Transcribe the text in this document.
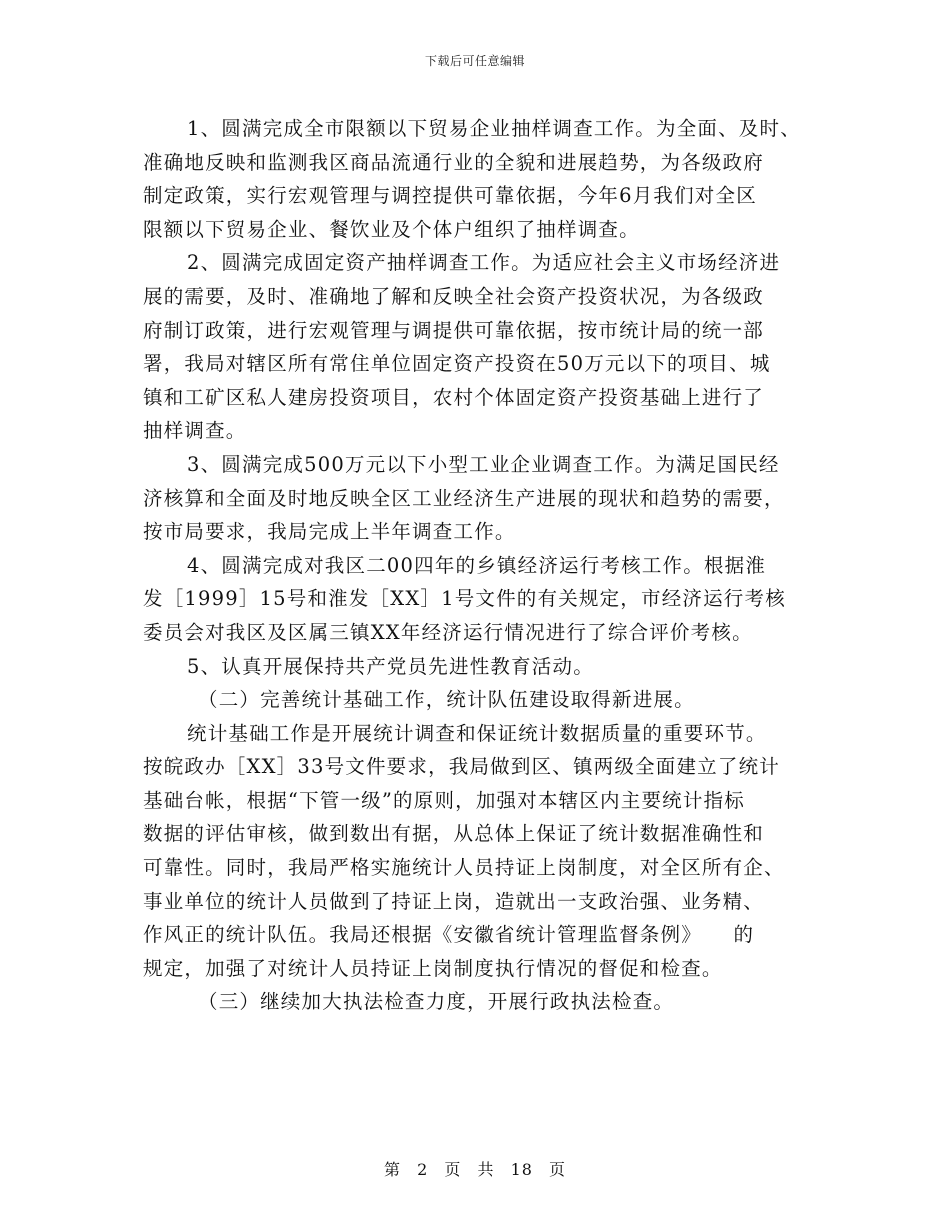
下载后可任意编辑
1、圆满完成全市限额以下贸易企业抽样调查工作。为全面、及时、
准确地反映和监测我区商品流通行业的全貌和进展趋势，为各级政府
制定政策，实行宏观管理与调控提供可靠依据，今年6月我们对全区
限额以下贸易企业、餐饮业及个体户组织了抽样调查。
2、圆满完成固定资产抽样调查工作。为适应社会主义市场经济进
展的需要，及时、准确地了解和反映全社会资产投资状况，为各级政
府制订政策，进行宏观管理与调提供可靠依据，按市统计局的统一部
署，我局对辖区所有常住单位固定资产投资在50万元以下的项目、城
镇和工矿区私人建房投资项目，农村个体固定资产投资基础上进行了
抽样调查。
3、圆满完成500万元以下小型工业企业调查工作。为满足国民经
济核算和全面及时地反映全区工业经济生产进展的现状和趋势的需要，
按市局要求，我局完成上半年调查工作。
4、圆满完成对我区二00四年的乡镇经济运行考核工作。根据淮
发［1999］15号和淮发［XX］1号文件的有关规定，市经济运行考核
委员会对我区及区属三镇XX年经济运行情况进行了综合评价考核。
5、认真开展保持共产党员先进性教育活动。
（二）完善统计基础工作，统计队伍建设取得新进展。
统计基础工作是开展统计调查和保证统计数据质量的重要环节。
按皖政办［XX］33号文件要求，我局做到区、镇两级全面建立了统计
基础台帐，根据“下管一级”的原则，加强对本辖区内主要统计指标
数据的评估审核，做到数出有据，从总体上保证了统计数据准确性和
可靠性。同时，我局严格实施统计人员持证上岗制度，对全区所有企、
事业单位的统计人员做到了持证上岗，造就出一支政治强、业务精、
作风正的统计队伍。我局还根据《安徽省统计管理监督条例》　　的
规定，加强了对统计人员持证上岗制度执行情况的督促和检查。
（三）继续加大执法检查力度，开展行政执法检查。
第 2 页 共 18 页
